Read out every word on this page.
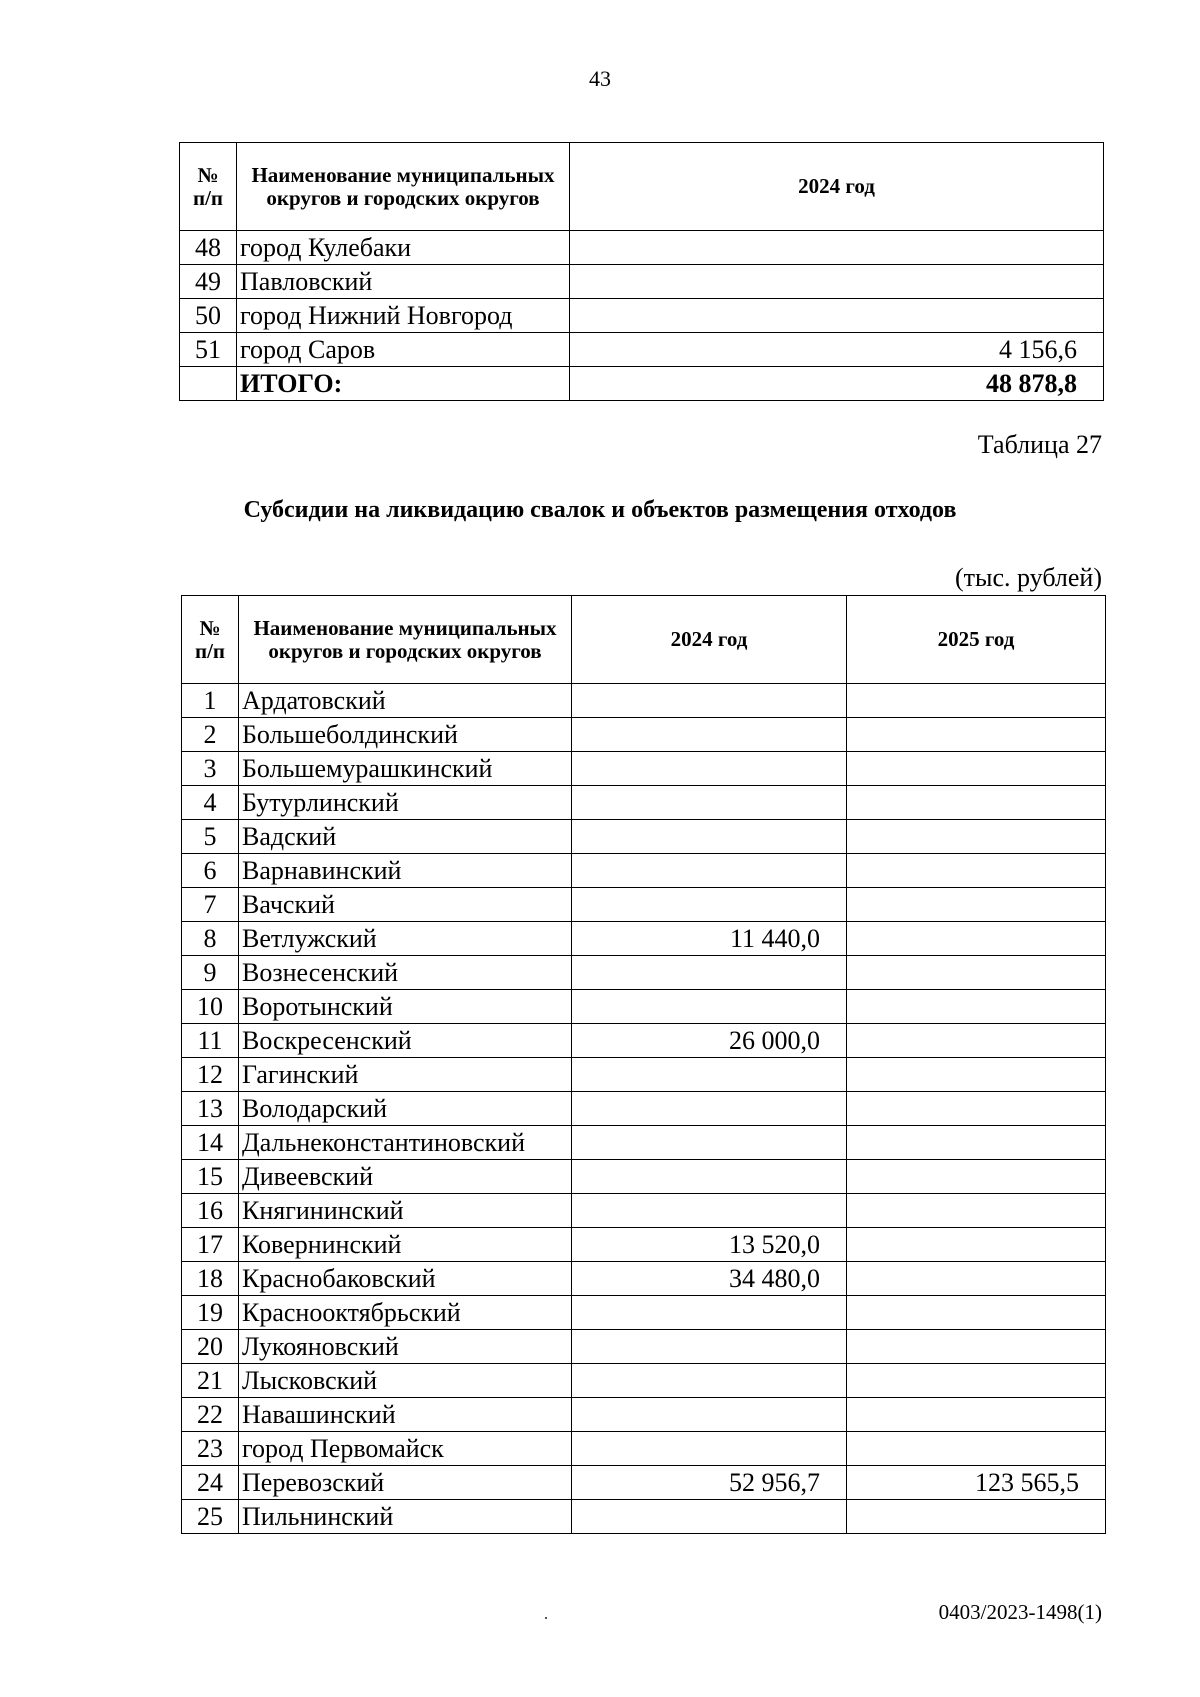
43
№ п/п	Наименование муниципальных округов и городских округов	2024 год
48	город Кулебаки	
49	Павловский	
50	город Нижний Новгород	
51	город Саров	4 156,6
	ИТОГО:	48 878,8
Таблица 27
Субсидии на ликвидацию свалок и объектов размещения отходов
(тыс. рублей)
№ п/п	Наименование муниципальных округов и городских округов	2024 год	2025 год
1	Ардатовский		
2	Большеболдинский		
3	Большемурашкинский		
4	Бутурлинский		
5	Вадский		
6	Варнавинский		
7	Вачский		
8	Ветлужский	11 440,0	
9	Вознесенский		
10	Воротынский		
11	Воскресенский	26 000,0	
12	Гагинский		
13	Володарский		
14	Дальнеконстантиновский		
15	Дивеевский		
16	Княгининский		
17	Ковернинский	13 520,0	
18	Краснобаковский	34 480,0	
19	Краснооктябрьский		
20	Лукояновский		
21	Лысковский		
22	Навашинский		
23	город Первомайск		
24	Перевозский	52 956,7	123 565,5
25	Пильнинский		
0403/2023-1498(1)
